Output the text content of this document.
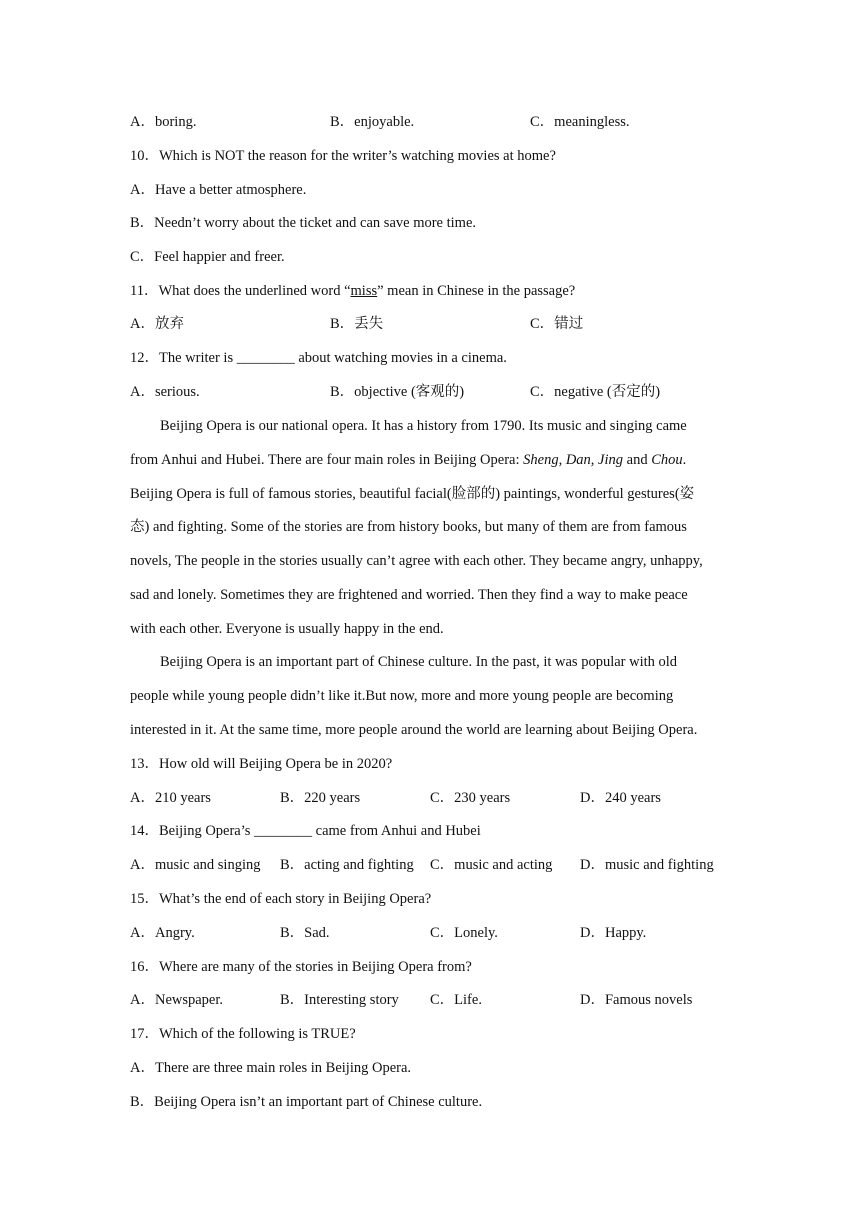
A．boring.	B．enjoyable.	C．meaningless.
10．Which is NOT the reason for the writer’s watching movies at home?
A．Have a better atmosphere.
B．Needn’t worry about the ticket and can save more time.
C．Feel happier and freer.
11．What does the underlined word “miss” mean in Chinese in the passage?
A．放弃	B．丢失	C．错过
12．The writer is ________ about watching movies in a cinema.
A．serious.	B．objective (客观的)	C．negative (否定的)
Beijing Opera is our national opera. It has a history from 1790. Its music and singing came
from Anhui and Hubei. There are four main roles in Beijing Opera: Sheng, Dan, Jing and Chou.
Beijing Opera is full of famous stories, beautiful facial(脸部的) paintings, wonderful gestures(姿
态) and fighting. Some of the stories are from history books, but many of them are from famous
novels, The people in the stories usually can’t agree with each other. They became angry, unhappy,
sad and lonely. Sometimes they are frightened and worried. Then they find a way to make peace
with each other. Everyone is usually happy in the end.
Beijing Opera is an important part of Chinese culture. In the past, it was popular with old
people while young people didn’t like it.But now, more and more young people are becoming
interested in it. At the same time, more people around the world are learning about Beijing Opera.
13．How old will Beijing Opera be in 2020?
A．210 years	B．220 years	C．230 years	D．240 years
14．Beijing Opera’s ________ came from Anhui and Hubei
A．music and singing B．acting and fighting C．music and acting D．music and fighting
15．What’s the end of each story in Beijing Opera?
A．Angry.	B．Sad.	C．Lonely.	D．Happy.
16．Where are many of the stories in Beijing Opera from?
A．Newspaper.	B．Interesting story C．Life.	D．Famous novels
17．Which of the following is TRUE?
A．There are three main roles in Beijing Opera.
B．Beijing Opera isn’t an important part of Chinese culture.
